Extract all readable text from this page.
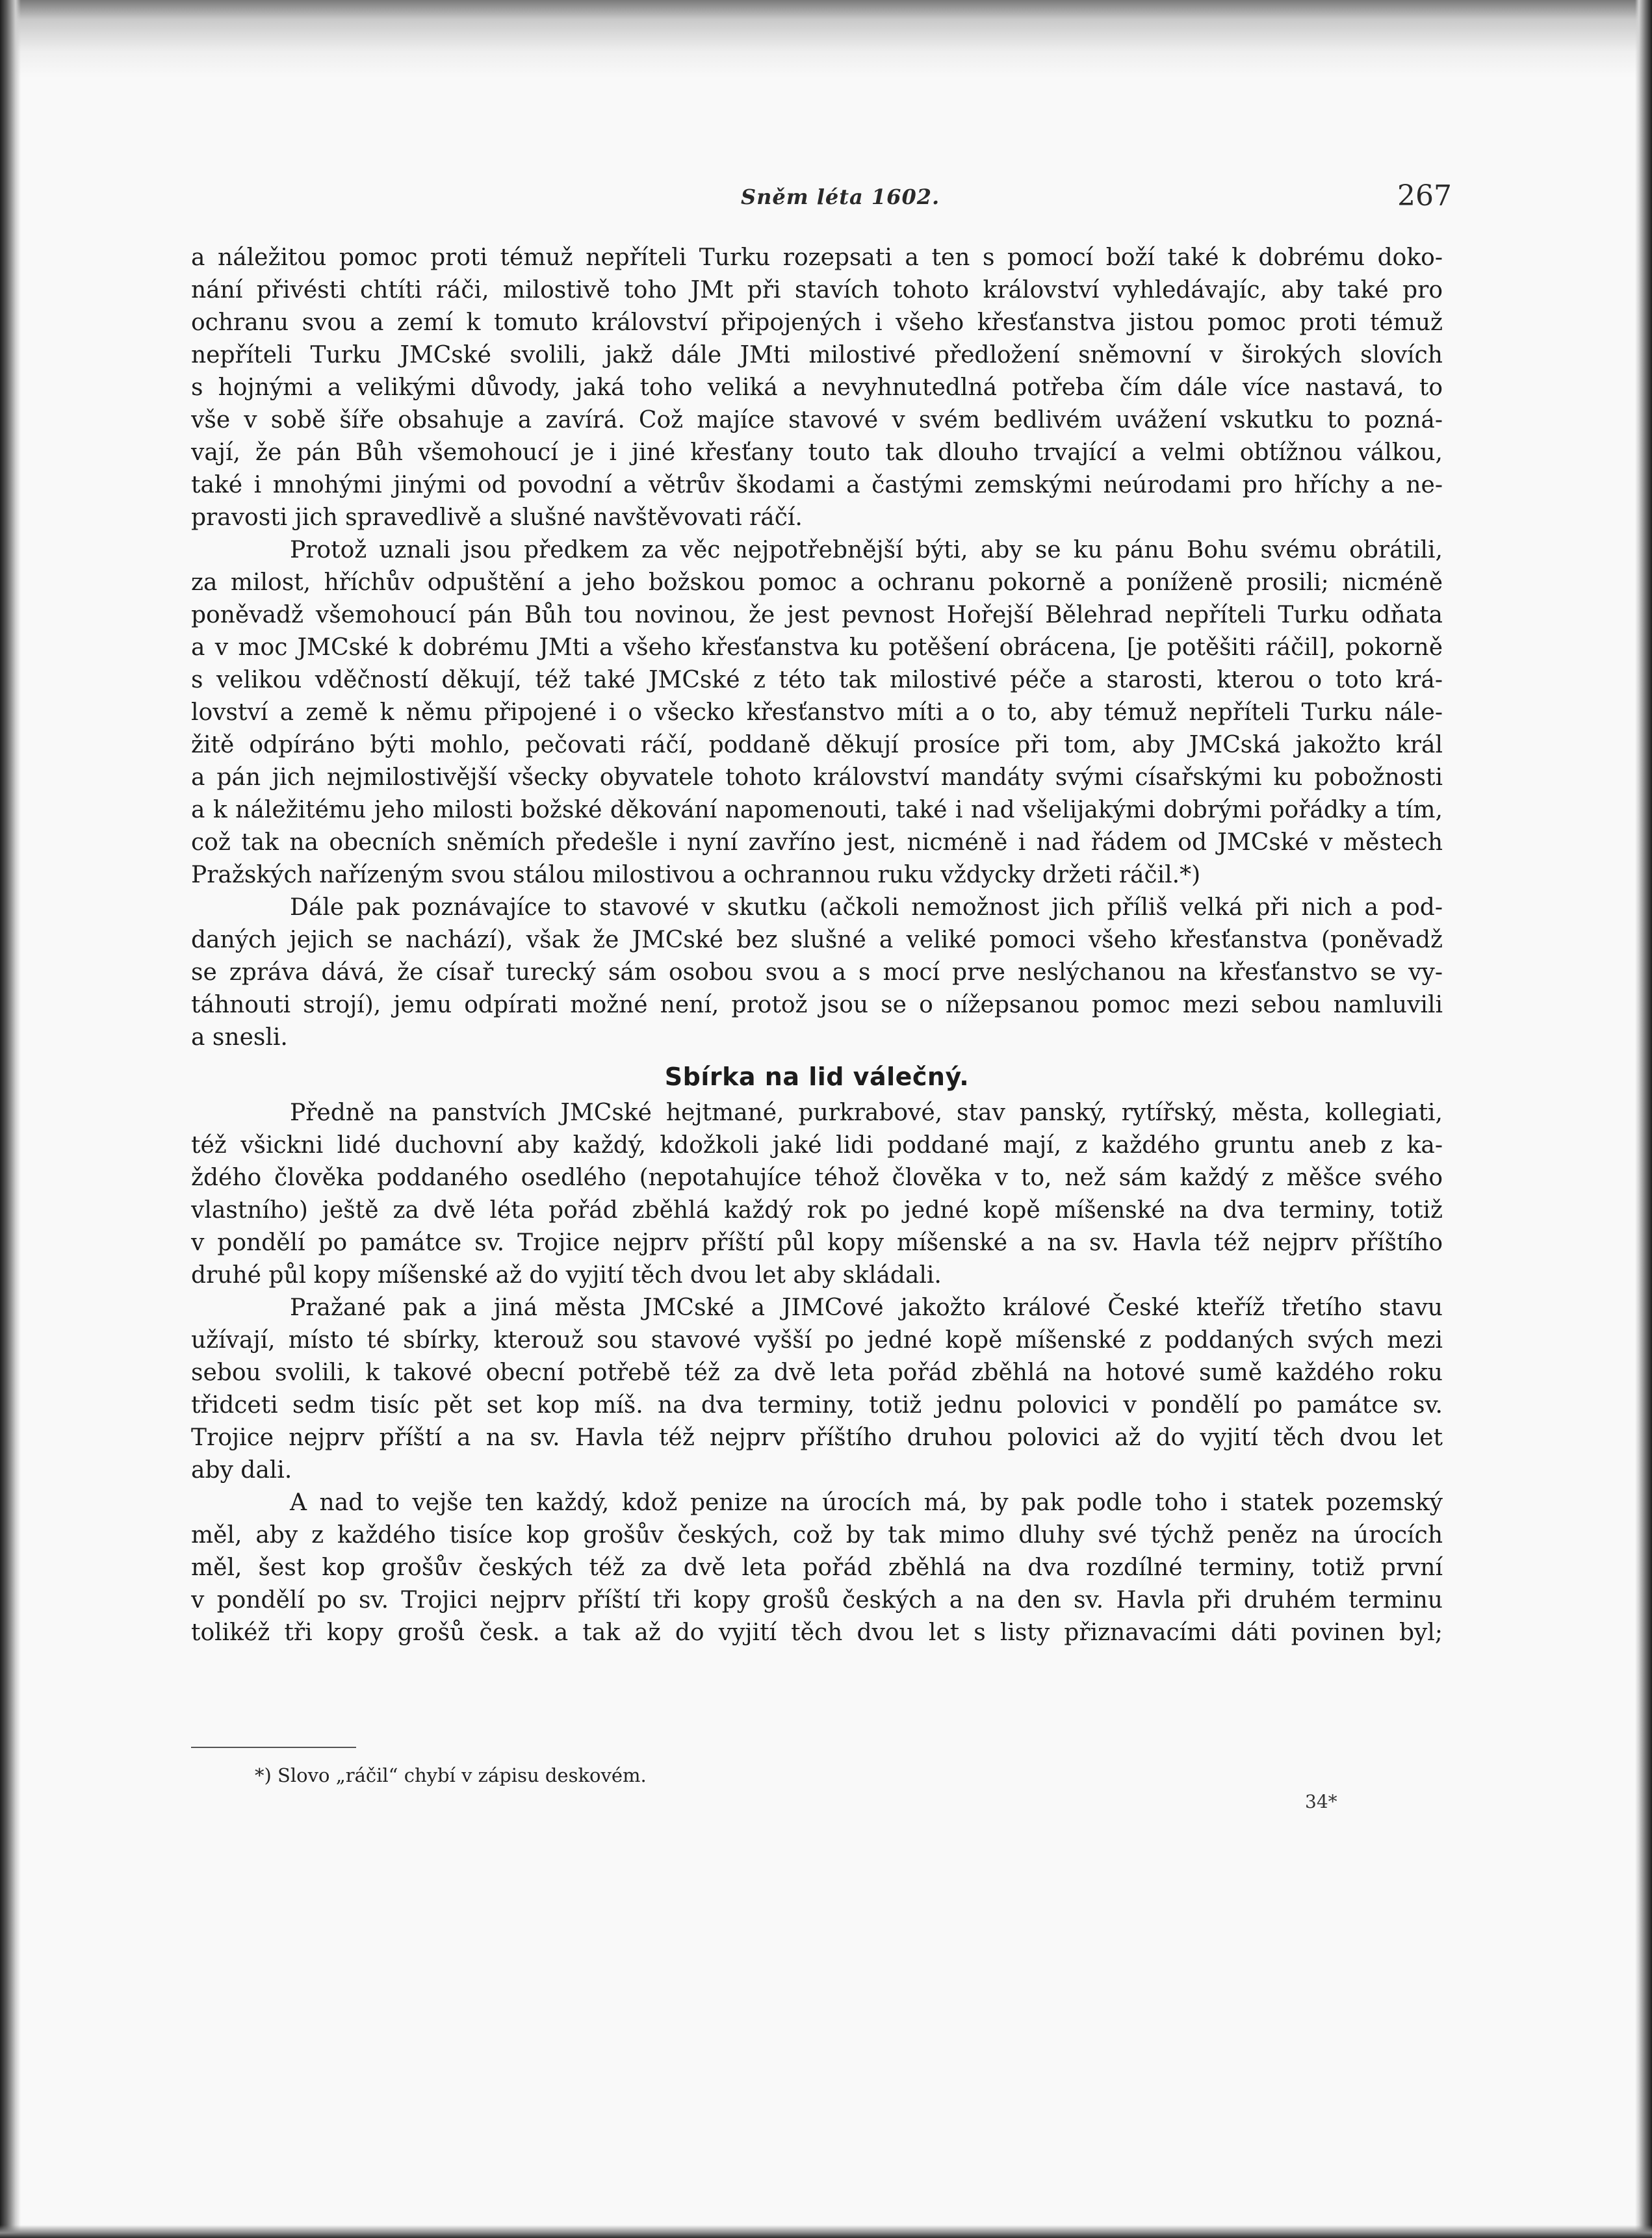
Sněm léta 1602.	267
a náležitou pomoc proti témuž nepříteli Turku rozepsati a ten s pomocí boží také k dobrému doko-
nání přivésti chtíti ráči, milostivě toho JMt při stavích tohoto království vyhledávajíc, aby také pro
ochranu svou a zemí k tomuto království připojených i všeho křesťanstva jistou pomoc proti témuž
nepříteli Turku JMCské svolili, jakž dále JMti milostivé předložení sněmovní v širokých slovích
s hojnými a velikými důvody, jaká toho veliká a nevyhnutedlná potřeba čím dále více nastavá, to
vše v sobě šíře obsahuje a zavírá. Což majíce stavové v svém bedlivém uvážení vskutku to pozná-
vají, že pán Bůh všemohoucí je i jiné křesťany touto tak dlouho trvající a velmi obtížnou válkou,
také i mnohými jinými od povodní a větrův škodami a častými zemskými neúrodami pro hříchy a ne-
pravosti jich spravedlivě a slušné navštěvovati ráčí.
Protož uznali jsou předkem za věc nejpotřebnější býti, aby se ku pánu Bohu svému obrátili,
za milost, hříchův odpuštění a jeho božskou pomoc a ochranu pokorně a poníženě prosili; nicméně
poněvadž všemohoucí pán Bůh tou novinou, že jest pevnost Hořejší Bělehrad nepříteli Turku odňata
a v moc JMCské k dobrému JMti a všeho křesťanstva ku potěšení obrácena, [je potěšiti ráčil], pokorně
s velikou vděčností děkují, též také JMCské z této tak milostivé péče a starosti, kterou o toto krá-
lovství a země k němu připojené i o všecko křesťanstvo míti a o to, aby témuž nepříteli Turku nále-
žitě odpíráno býti mohlo, pečovati ráčí, poddaně děkují prosíce při tom, aby JMCská jakožto král
a pán jich nejmilostivější všecky obyvatele tohoto království mandáty svými císařskými ku pobožnosti
a k náležitému jeho milosti božské děkování napomenouti, také i nad všelijakými dobrými pořádky a tím,
což tak na obecních sněmích předešle i nyní zavříno jest, nicméně i nad řádem od JMCské v městech
Pražských nařízeným svou stálou milostivou a ochrannou ruku vždycky držeti ráčil.*)
Dále pak poznávajíce to stavové v skutku (ačkoli nemožnost jich příliš velká při nich a pod-
daných jejich se nachází), však že JMCské bez slušné a veliké pomoci všeho křesťanstva (poněvadž
se zpráva dává, že císař turecký sám osobou svou a s mocí prve neslýchanou na křesťanstvo se vy-
táhnouti strojí), jemu odpírati možné není, protož jsou se o nížepsanou pomoc mezi sebou namluvili
a snesli.
Sbírka na lid válečný.
Předně na panstvích JMCské hejtmané, purkrabové, stav panský, rytířský, města, kollegiati,
též všickni lidé duchovní aby každý, kdožkoli jaké lidi poddané mají, z každého gruntu aneb z ka-
ždého člověka poddaného osedlého (nepotahujíce téhož člověka v to, než sám každý z měšce svého
vlastního) ještě za dvě léta pořád zběhlá každý rok po jedné kopě míšenské na dva terminy, totiž
v pondělí po památce sv. Trojice nejprv příští půl kopy míšenské a na sv. Havla též nejprv příštího
druhé půl kopy míšenské až do vyjití těch dvou let aby skládali.
Pražané pak a jiná města JMCské a JIMCové jakožto králové České kteříž třetího stavu
užívají, místo té sbírky, kterouž sou stavové vyšší po jedné kopě míšenské z poddaných svých mezi
sebou svolili, k takové obecní potřebě též za dvě leta pořád zběhlá na hotové sumě každého roku
třidceti sedm tisíc pět set kop míš. na dva terminy, totiž jednu polovici v pondělí po památce sv.
Trojice nejprv příští a na sv. Havla též nejprv příštího druhou polovici až do vyjití těch dvou let
aby dali.
A nad to vejše ten každý, kdož penize na úrocích má, by pak podle toho i statek pozemský
měl, aby z každého tisíce kop grošův českých, což by tak mimo dluhy své týchž peněz na úrocích
měl, šest kop grošův českých též za dvě leta pořád zběhlá na dva rozdílné terminy, totiž první
v pondělí po sv. Trojici nejprv příští tři kopy grošů českých a na den sv. Havla při druhém terminu
tolikéž tři kopy grošů česk. a tak až do vyjití těch dvou let s listy přiznavacími dáti povinen byl;
*) Slovo „ráčil“ chybí v zápisu deskovém.
34*
